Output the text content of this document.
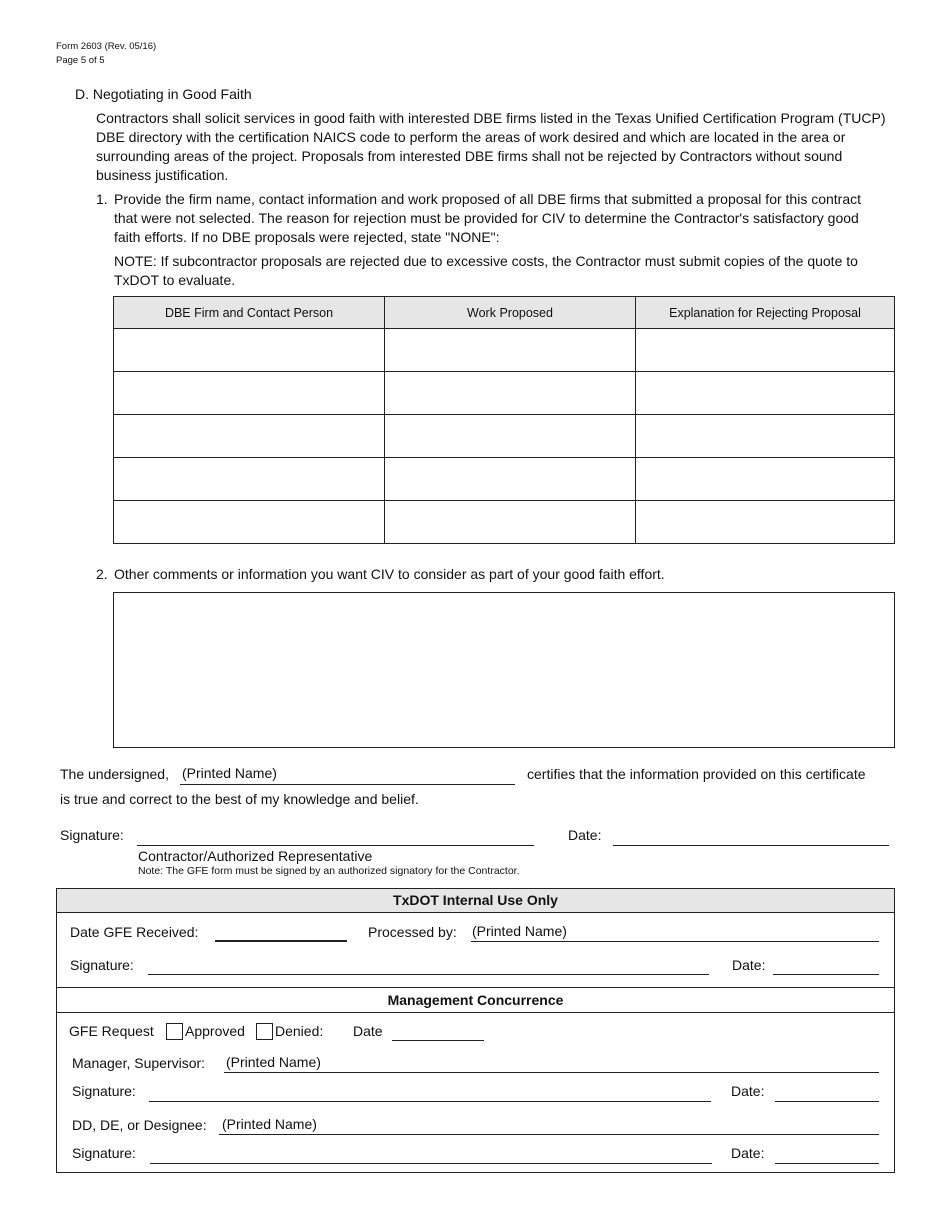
Form 2603 (Rev. 05/16)
Page 5 of 5
D. Negotiating in Good Faith
Contractors shall solicit services in good faith with interested DBE firms listed in the Texas Unified Certification Program (TUCP) DBE directory with the certification NAICS code to perform the areas of work desired and which are located in the area or surrounding areas of the project. Proposals from interested DBE firms shall not be rejected by Contractors without sound business justification.
1. Provide the firm name, contact information and work proposed of all DBE firms that submitted a proposal for this contract that were not selected. The reason for rejection must be provided for CIV to determine the Contractor's satisfactory good faith efforts. If no DBE proposals were rejected, state "NONE":
NOTE: If subcontractor proposals are rejected due to excessive costs, the Contractor must submit copies of the quote to TxDOT to evaluate.
DBE Firm and Contact Person	Work Proposed	Explanation for Rejecting Proposal

2. Other comments or information you want CIV to consider as part of your good faith effort.
The undersigned, (Printed Name)	certifies that the information provided on this certificate
is true and correct to the best of my knowledge and belief.
Signature:	Date:
Contractor/Authorized Representative
Note: The GFE form must be signed by an authorized signatory for the Contractor.
TxDOT Internal Use Only
Date GFE Received:	Processed by: (Printed Name)
Signature:	Date:
Management Concurrence
GFE Request Approved Denied: Date
Manager, Supervisor: (Printed Name)
Signature:	Date:
DD, DE, or Designee: (Printed Name)
Signature:	Date:
